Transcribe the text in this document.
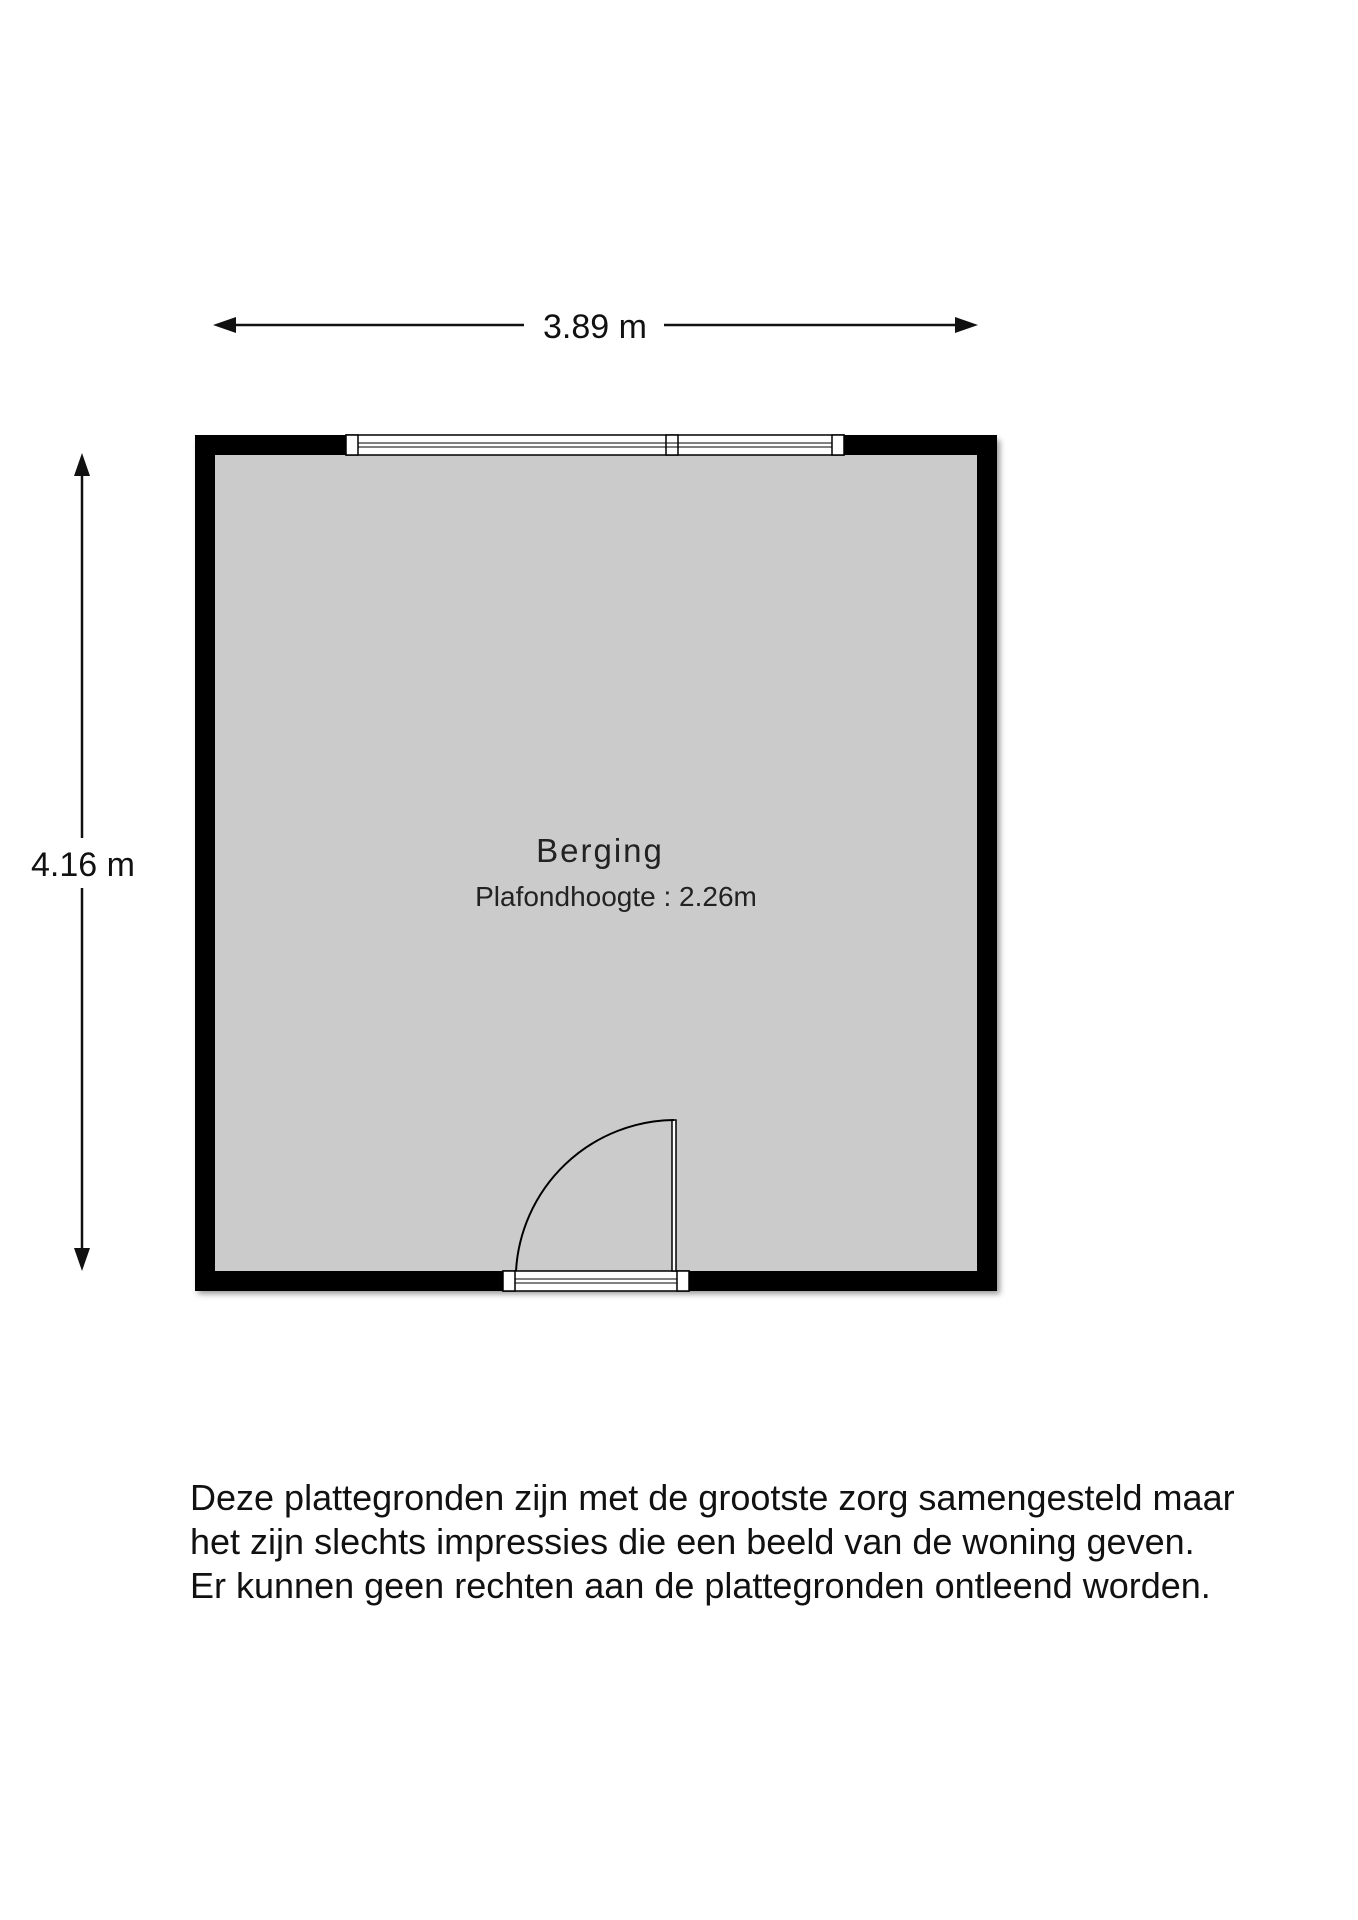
3.89 m
4.16 m	Berging
Plafondhoogte : 2.26m
Deze plattegronden zijn met de grootste zorg samengesteld maar
het zijn slechts impressies die een beeld van de woning geven.
Er kunnen geen rechten aan de plattegronden ontleend worden.
